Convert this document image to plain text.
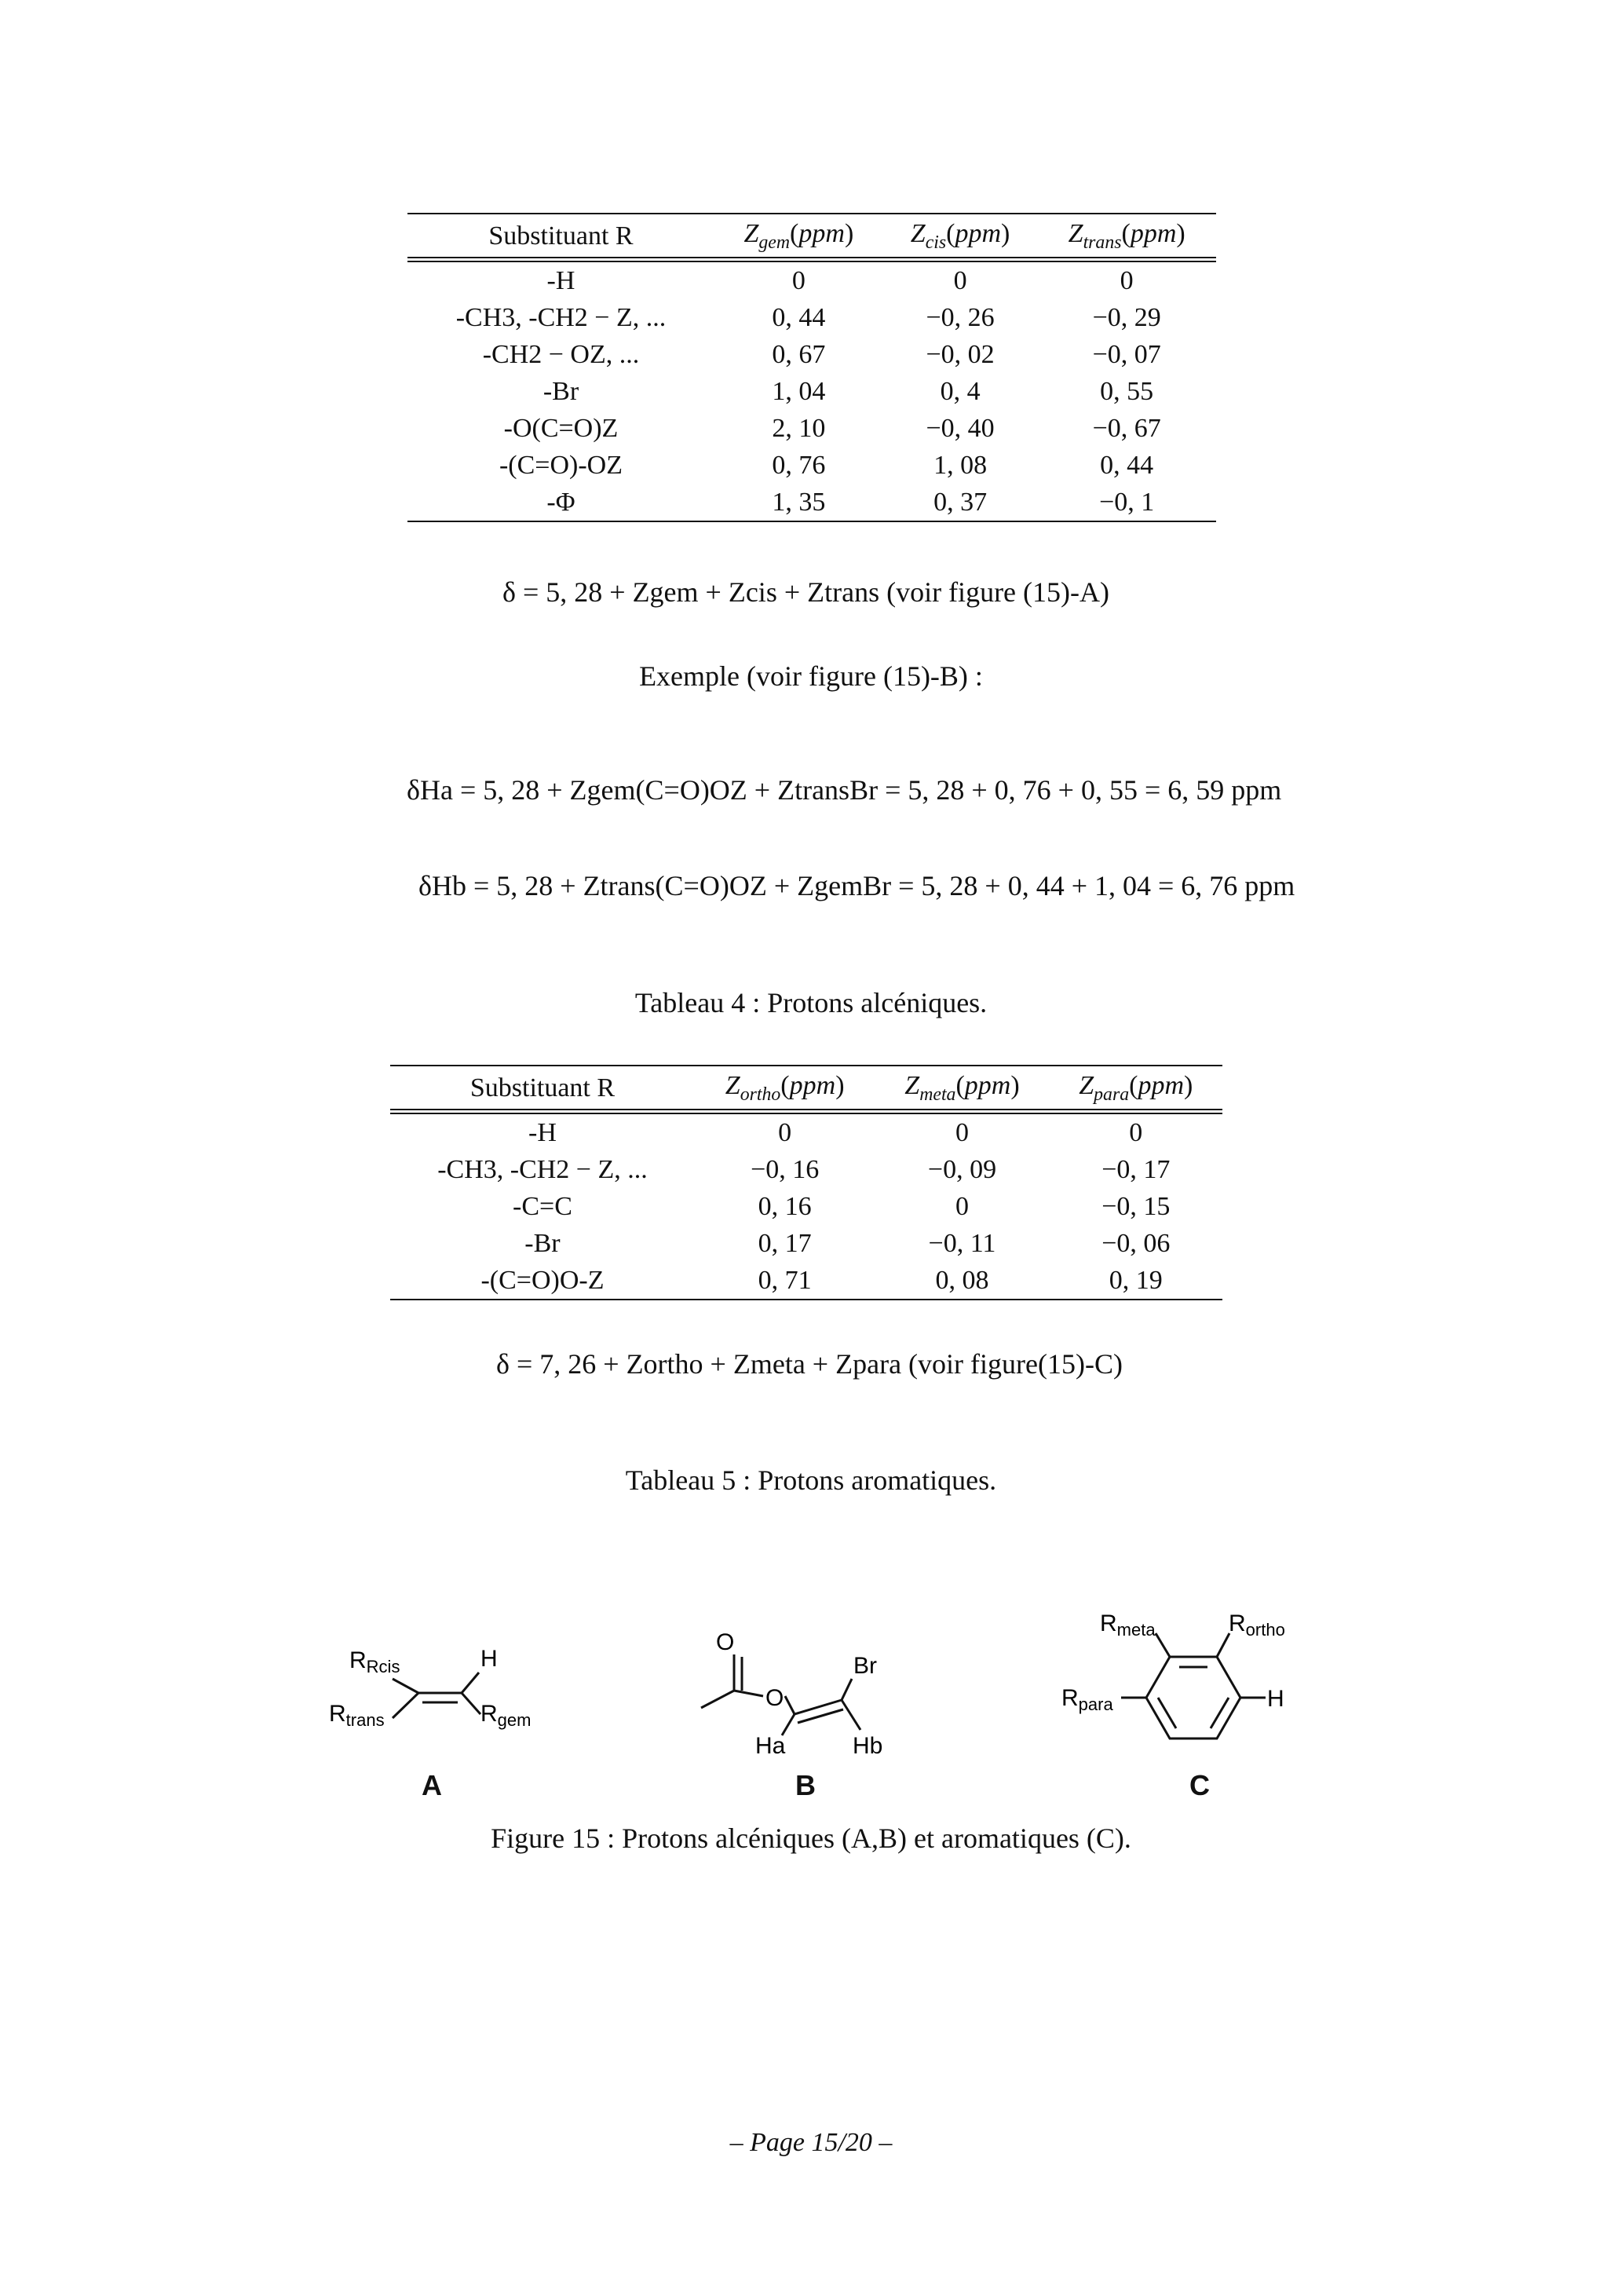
Substituant R	$Z_{gem}(ppm)$	$Z_{cis}(ppm)$	$Z_{trans}(ppm)$
-H	0	0	0
-CH3, -CH2 − Z, ...	0, 44	−0, 26	−0, 29
-CH2 − OZ, ...	0, 67	−0, 02	−0, 07
-Br	1, 04	0, 4	0, 55
-O(C=O)Z	2, 10	−0, 40	−0, 67
-(C=O)-OZ	0, 76	1, 08	0, 44
-Φ	1, 35	0, 37	−0, 1
δ = 5, 28 + Zgem + Zcis + Ztrans (voir figure (15)-A)
Exemple (voir figure (15)-B) :
δHa = 5, 28 + Zgem(C=O)OZ + ZtransBr = 5, 28 + 0, 76 + 0, 55 = 6, 59 ppm
δHb = 5, 28 + Ztrans(C=O)OZ + ZgemBr = 5, 28 + 0, 44 + 1, 04 = 6, 76 ppm
Tableau 4 : Protons alcéniques.
Substituant R	$Z_{ortho}(ppm)$	$Z_{meta}(ppm)$	$Z_{para}(ppm)$
-H	0	0	0
-CH3, -CH2 − Z, ...	−0, 16	−0, 09	−0, 17
-C=C	0, 16	0	−0, 15
-Br	0, 17	−0, 11	−0, 06
-(C=O)O-Z	0, 71	0, 08	0, 19
δ = 7, 26 + Zortho + Zmeta + Zpara (voir figure(15)-C)
Tableau 5 : Protons aromatiques.
$R_{Rcis}$	H
$R_{trans}$	$R_{gem}$
O
O
Br
Ha	Hb
$R_{meta}$	$R_{ortho}$
$R_{para}$	H
A	B	C
Figure 15 : Protons alcéniques (A,B) et aromatiques (C).
– Page 15/20 –
